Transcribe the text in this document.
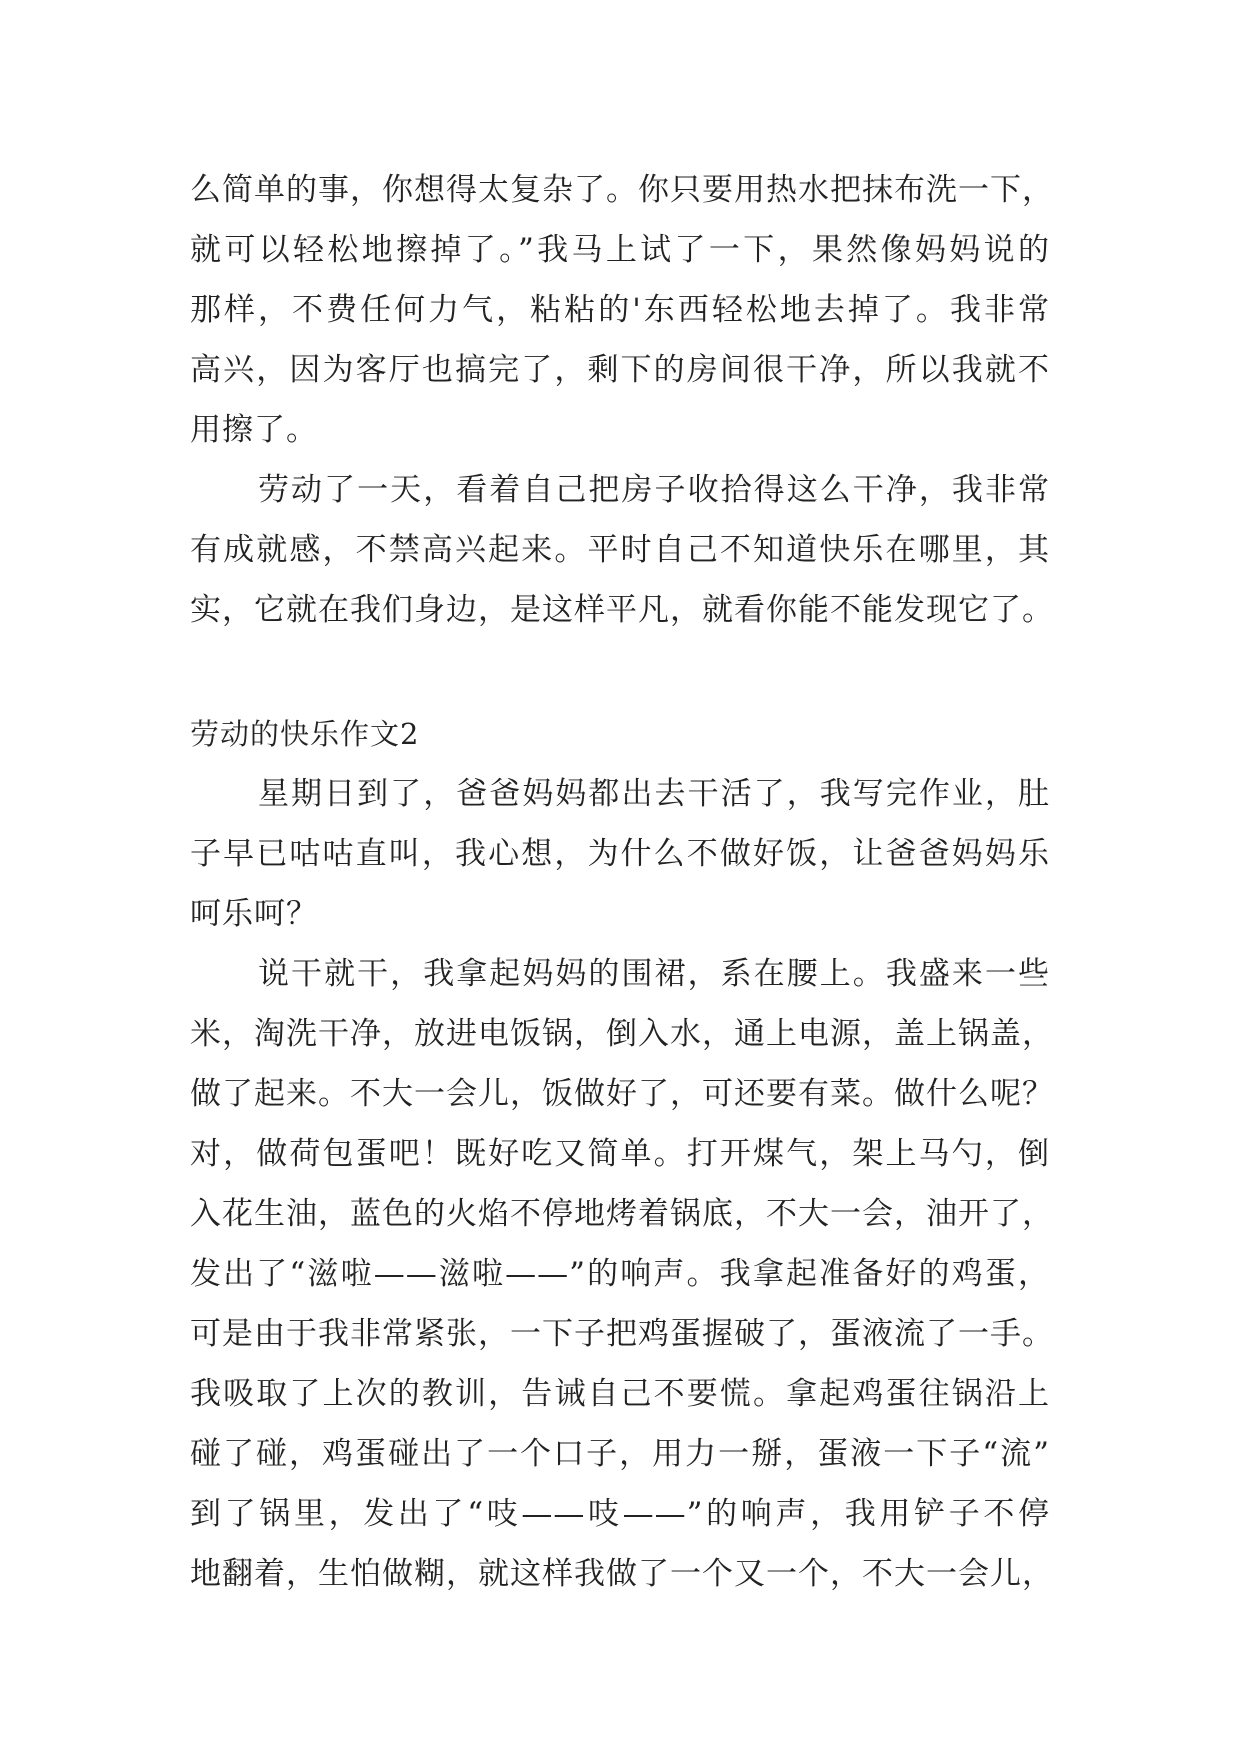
么简单的事，你想得太复杂了。你只要用热水把抹布洗一下，
就可以轻松地擦掉了。”我马上试了一下，果然像妈妈说的
那样，不费任何力气，粘粘的'东西轻松地去掉了。我非常
高兴，因为客厅也搞完了，剩下的房间很干净，所以我就不
用擦了。
劳动了一天，看着自己把房子收拾得这么干净，我非常
有成就感，不禁高兴起来。平时自己不知道快乐在哪里，其
实，它就在我们身边，是这样平凡，就看你能不能发现它了。
劳动的快乐作文2
星期日到了，爸爸妈妈都出去干活了，我写完作业，肚
子早已咕咕直叫，我心想，为什么不做好饭，让爸爸妈妈乐
呵乐呵？
说干就干，我拿起妈妈的围裙，系在腰上。我盛来一些
米，淘洗干净，放进电饭锅，倒入水，通上电源，盖上锅盖，
做了起来。不大一会儿，饭做好了，可还要有菜。做什么呢？
对，做荷包蛋吧！既好吃又简单。打开煤气，架上马勺，倒
入花生油，蓝色的火焰不停地烤着锅底，不大一会，油开了，
发出了“滋啦——滋啦——”的响声。我拿起准备好的鸡蛋，
可是由于我非常紧张，一下子把鸡蛋握破了，蛋液流了一手。
我吸取了上次的教训，告诫自己不要慌。拿起鸡蛋往锅沿上
碰了碰，鸡蛋碰出了一个口子，用力一掰，蛋液一下子“流”
到了锅里，发出了“吱——吱——”的响声，我用铲子不停
地翻着，生怕做糊，就这样我做了一个又一个，不大一会儿，
